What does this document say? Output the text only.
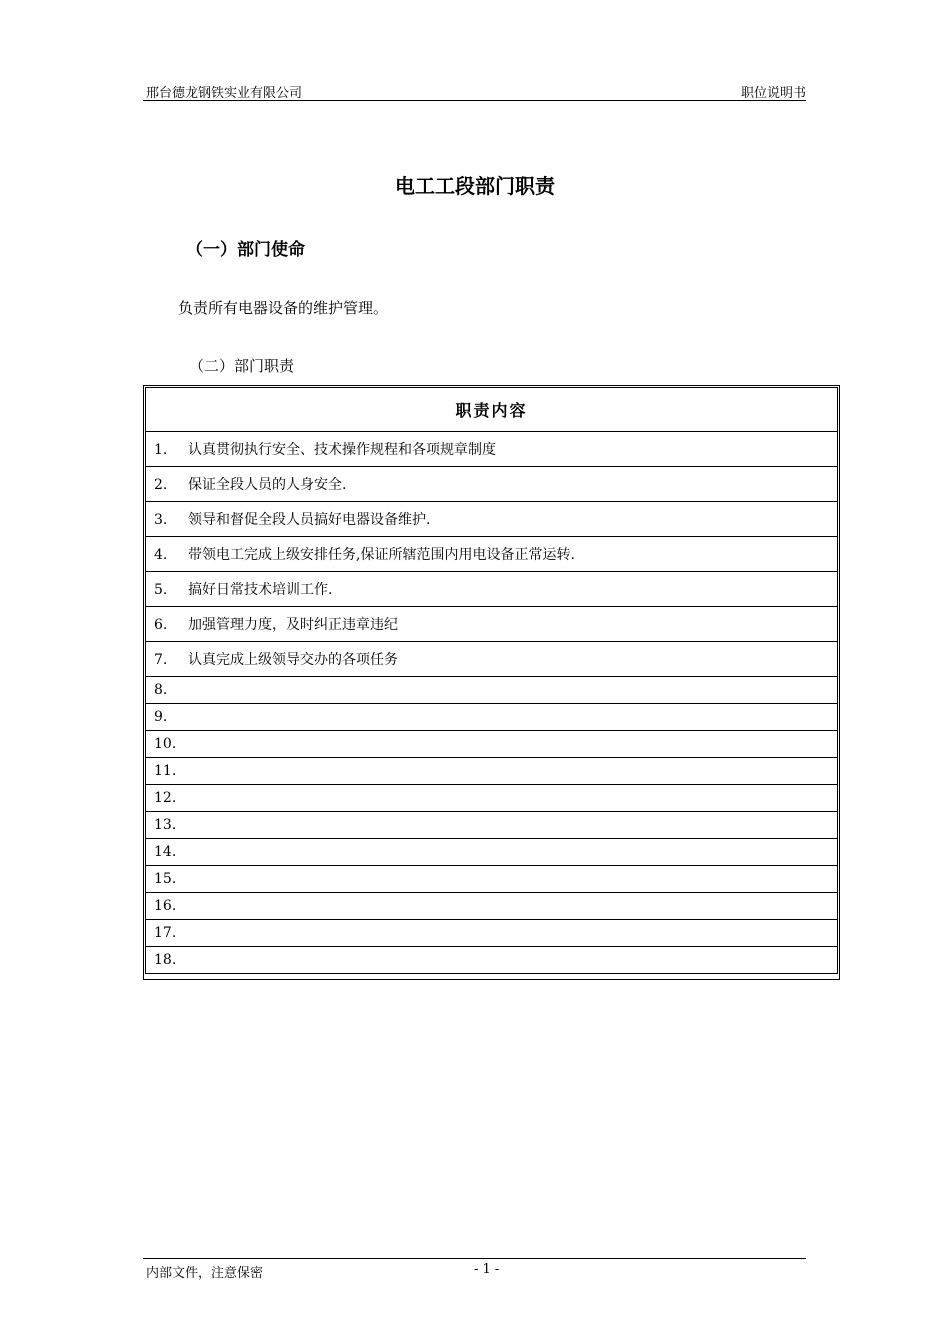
邢台德龙钢铁实业有限公司	职位说明书
电工工段部门职责
（一）部门使命
负责所有电器设备的维护管理。
（二）部门职责
职责内容
1. 认真贯彻执行安全、技术操作规程和各项规章制度
2. 保证全段人员的人身安全.
3. 领导和督促全段人员搞好电器设备维护.
4. 带领电工完成上级安排任务,保证所辖范围内用电设备正常运转.
5. 搞好日常技术培训工作.
6. 加强管理力度，及时纠正违章违纪
7. 认真完成上级领导交办的各项任务
8.
9.
10.
11.
12.
13.
14.
15.
16.
17.
18.
内部文件，注意保密	- 1 -
